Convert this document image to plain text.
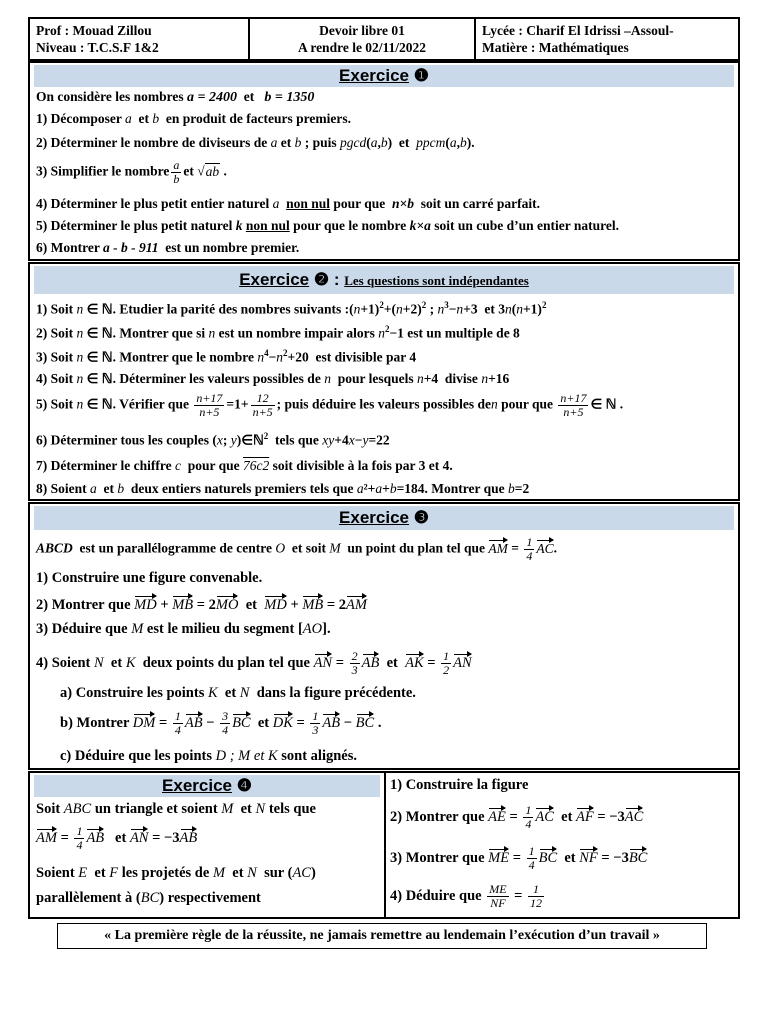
Prof : Mouad Zillou
Niveau : T.C.S.F 1&2
Devoir libre 01
A rendre le 02/11/2022
Lycée : Charif El Idrissi –Assoul-
Matière : Mathématiques
Exercice ❶
On considère les nombres a = 2400 et b = 1350
1) Décomposer a  et b en produit de facteurs premiers.
2) Déterminer le nombre de diviseurs de a et b ; puis pgcd(a,b)  et  ppcm(a,b).
3) Simplifier le nombre $\frac{a}{b}$ et √ab .
4) Déterminer le plus petit entier naturel a non nul pour que n×b soit un carré parfait.
5) Déterminer le plus petit naturel k non nul pour que le nombre k×a soit un cube d’un entier naturel.
6) Montrer a - b - 911 est un nombre premier.
Exercice ❷ : Les questions sont indépendantes
1) Soit n ∈ ℕ. Etudier la parité des nombres suivants $:(n+1)^2+(n+2)^2$ ; $n^3-n+3$  et $3n(n+1)^2$
2) Soit n ∈ ℕ. Montrer que si n est un nombre impair alors $n^2-1$ est un multiple de 8
3) Soit n ∈ ℕ. Montrer que le nombre $n^4-n^2+20$  est divisible par 4
4) Soit n ∈ ℕ. Déterminer les valeurs possibles de n pour lesquels n+4  divise n+16
5) Soit n ∈ ℕ. Vérifier que $\frac{n+17}{n+5} =1+ \frac{12}{n+5}$ ; puis déduire les valeurs possibles den pour que $\frac{n+17}{n+5}$ ∈ ℕ .
6) Déterminer tous les couples (x; y)∈ℕ$^2$ tels que xy+4x−y=22
7) Déterminer le chiffre c pour que 76c2 soit divisible à la fois par 3 et 4.
8) Soient a et b deux entiers naturels premiers tels que a²+a+b=184. Montrer que b=2
Exercice ❸
ABCD est un parallélogramme de centre O et soit M un point du plan tel que AM = $\frac{1}{4}$ AC.
1) Construire une figure convenable.
2) Montrer que MD + MB = 2MO  et  MD + MB = 2AM
3) Déduire que M est le milieu du segment [AO].
4) Soient N et K deux points du plan tel que AN = $\frac{2}{3}$ AB  et  AK = $\frac{1}{2}$ AN
a) Construire les points K  et N dans la figure précédente.
b) Montrer DM = $\frac{1}{4}$ AB − $\frac{3}{4}$ BC  et DK = $\frac{1}{3}$ AB − BC .
c) Déduire que les points D ; M et K sont alignés.
Exercice ❹
Soit ABC un triangle et soient M  et N tels que
AM = $\frac{1}{4}$ AB   et AN = −3AB
Soient E  et F les projetés de M  et N sur (AC)
parallèlement à (BC) respectivement
1) Construire la figure
2) Montrer que AE = $\frac{1}{4}$ AC  et AF = −3AC
3) Montrer que ME = $\frac{1}{4}$ BC  et NF = −3BC
4) Déduire que $\frac{ME}{NF} = \frac{1}{12}$
« La première règle de la réussite, ne jamais remettre au lendemain l’exécution d’un travail »
